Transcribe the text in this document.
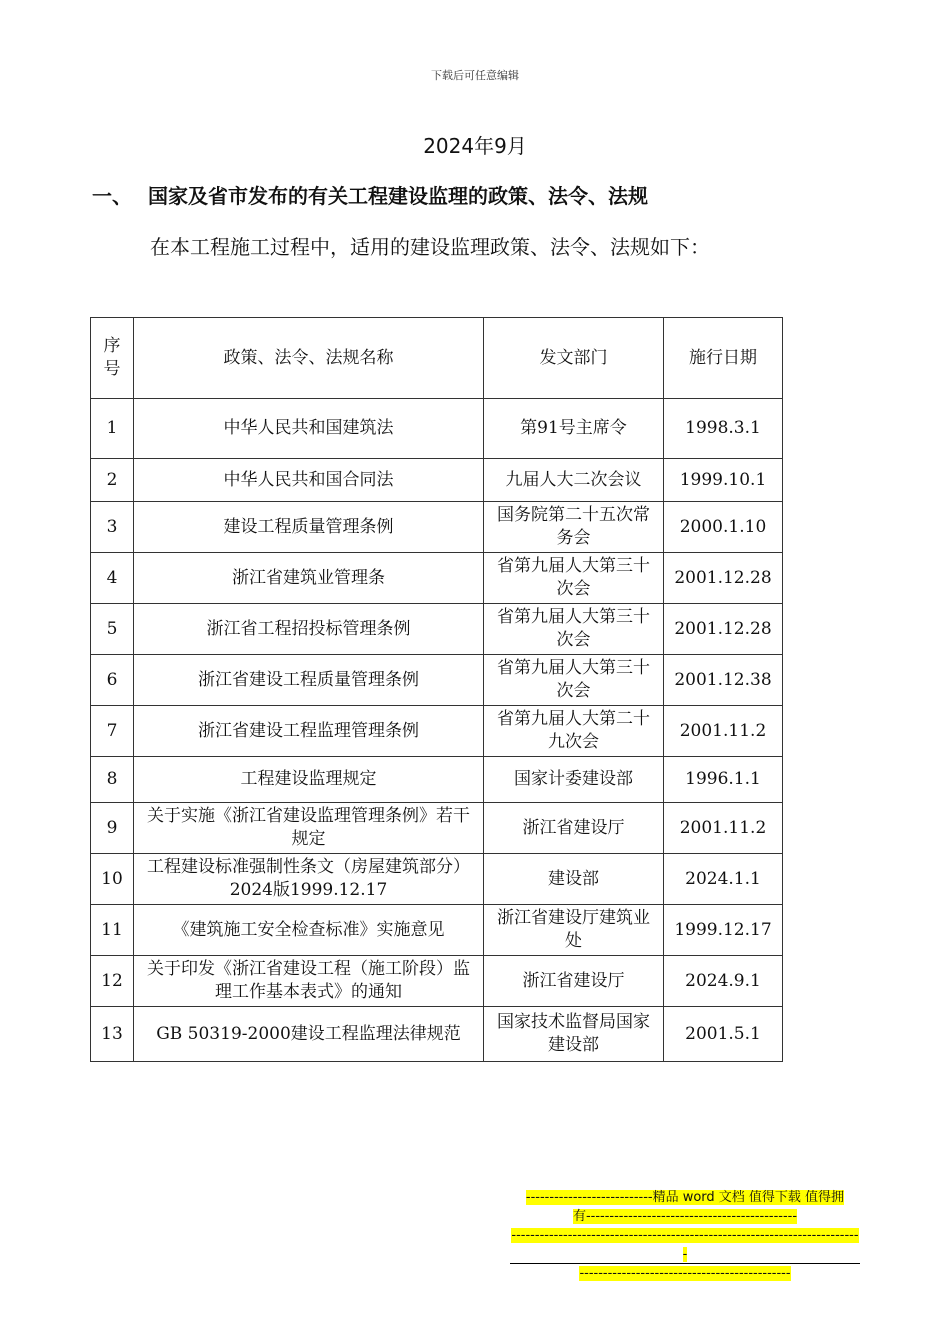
下载后可任意编辑
2024年9月
一、 国家及省市发布的有关工程建设监理的政策、法令、法规
在本工程施工过程中，适用的建设监理政策、法令、法规如下：
序
号	政策、法令、法规名称	发文部门	施行日期
1	中华人民共和国建筑法	第91号主席令	1998.3.1
2	中华人民共和国合同法	九届人大二次会议	1999.10.1
3	建设工程质量管理条例	国务院第二十五次常务会	2000.1.10
4	浙江省建筑业管理条	省第九届人大第三十次会	2001.12.28
5	浙江省工程招投标管理条例	省第九届人大第三十次会	2001.12.28
6	浙江省建设工程质量管理条例	省第九届人大第三十次会	2001.12.38
7	浙江省建设工程监理管理条例	省第九届人大第二十九次会	2001.11.2
8	工程建设监理规定	国家计委建设部	1996.1.1
9	关于实施《浙江省建设监理管理条例》若干规定	浙江省建设厅	2001.11.2
10	工程建设标准强制性条文（房屋建筑部分）2024版1999.12.17	建设部	2024.1.1
11	《建筑施工安全检查标准》实施意见	浙江省建设厅建筑业处	1999.12.17
12	关于印发《浙江省建设工程（施工阶段）监理工作基本表式》的通知	浙江省建设厅	2024.9.1
13	GB 50319-2000建设工程监理法律规范	国家技术监督局国家建设部	2001.5.1
---------------------------精品 word 文档 值得下载 值得拥
有---------------------------------------------
---------------------------------------------------------------------------
---------------------------------------------
